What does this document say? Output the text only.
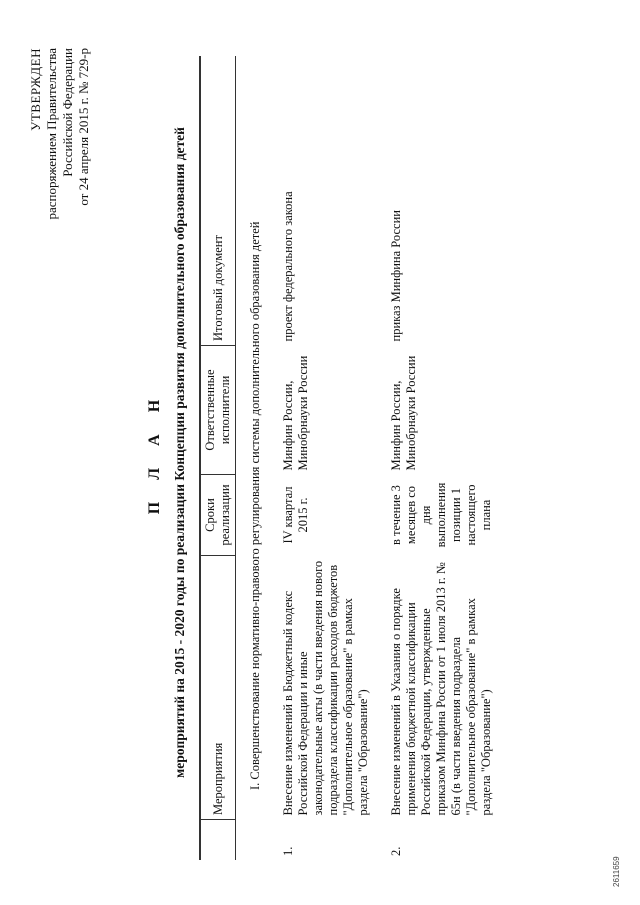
УТВЕРЖДЕН распоряжением Правительства Российской Федерации от 24 апреля 2015 г. № 729-р
П Л А Н мероприятий на 2015 - 2020 годы по реализации Концепции развития дополнительного образования детей
	Мероприятия	Сроки реализации	Ответственные исполнители	Итоговый документ
I. Совершенствование нормативно-правового регулирования системы дополнительного образования детей				
1.	Внесение изменений в Бюджетный кодекс Российской Федерации и иные законодательные акты (в части введения нового подраздела классификации расходов бюджетов "Дополнительное образование" в рамках раздела "Образование")	IV квартал 2015 г.	Минфин России, Минобрнауки России	проект федерального закона
2.	Внесение изменений в Указания о порядке применения бюджетной классификации Российской Федерации, утвержденные приказом Минфина России от 1 июля 2013 г. № 65н (в части введения подраздела "Дополнительное образование" в рамках раздела "Образование")	в течение 3 месяцев со дня выполнения позиции 1 настоящего плана	Минфин России, Минобрнауки России	приказ Минфина России
2611659
